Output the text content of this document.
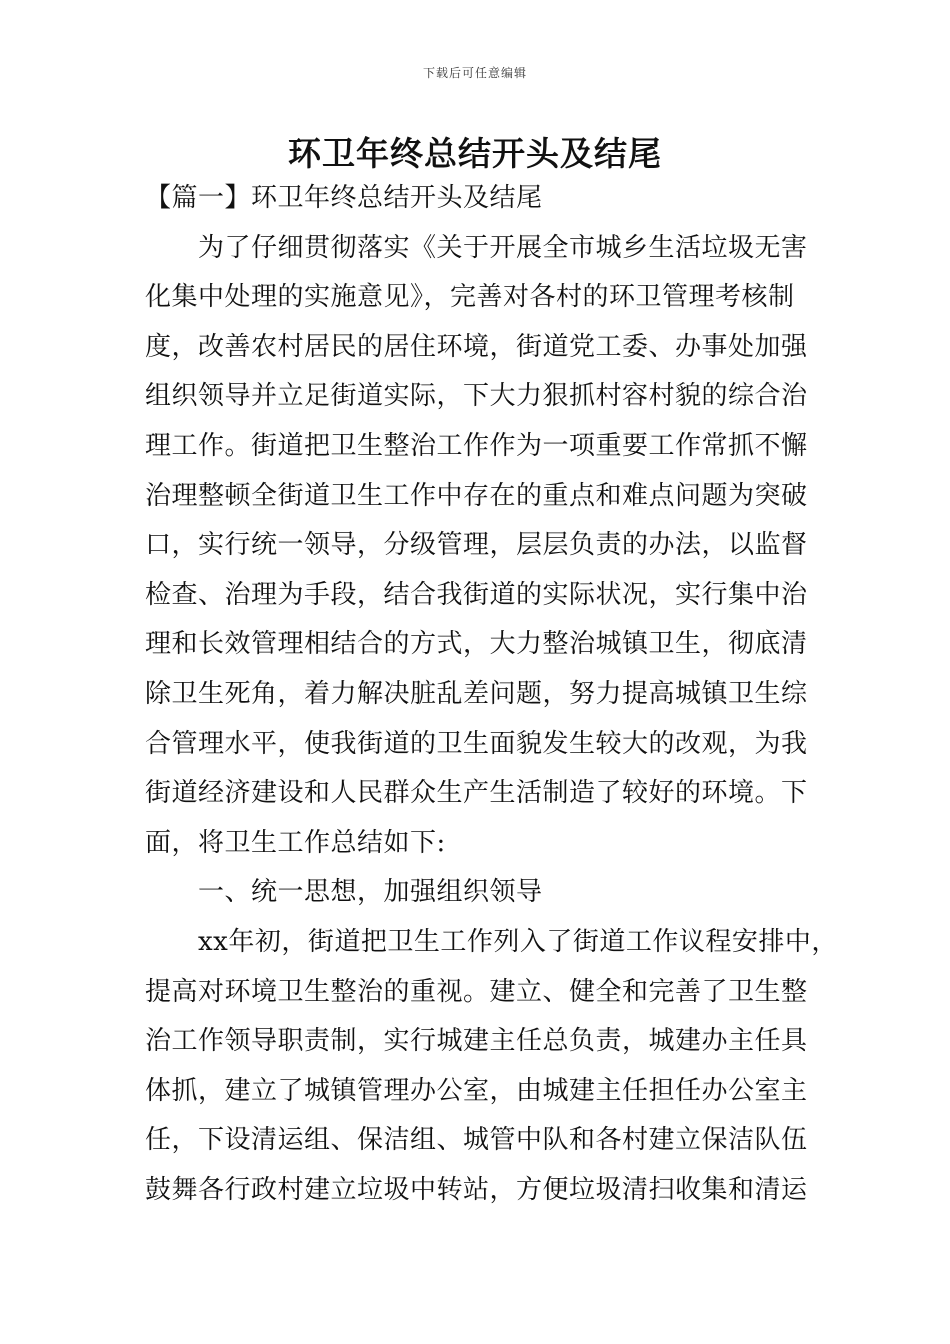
下载后可任意编辑
环卫年终总结开头及结尾
【篇一】环卫年终总结开头及结尾
　　为了仔细贯彻落实《关于开展全市城乡生活垃圾无害
化集中处理的实施意见》，完善对各村的环卫管理考核制
度，改善农村居民的居住环境，街道党工委、办事处加强
组织领导并立足街道实际，下大力狠抓村容村貌的综合治
理工作。街道把卫生整治工作作为一项重要工作常抓不懈
治理整顿全街道卫生工作中存在的重点和难点问题为突破
口，实行统一领导，分级管理，层层负责的办法，以监督
检查、治理为手段，结合我街道的实际状况，实行集中治
理和长效管理相结合的方式，大力整治城镇卫生，彻底清
除卫生死角，着力解决脏乱差问题，努力提高城镇卫生综
合管理水平，使我街道的卫生面貌发生较大的改观，为我
街道经济建设和人民群众生产生活制造了较好的环境。下
面，将卫生工作总结如下:
　　一、统一思想，加强组织领导
　　xx年初，街道把卫生工作列入了街道工作议程安排中，
提高对环境卫生整治的重视。建立、健全和完善了卫生整
治工作领导职责制，实行城建主任总负责，城建办主任具
体抓，建立了城镇管理办公室，由城建主任担任办公室主
任，下设清运组、保洁组、城管中队和各村建立保洁队伍
鼓舞各行政村建立垃圾中转站，方便垃圾清扫收集和清运
